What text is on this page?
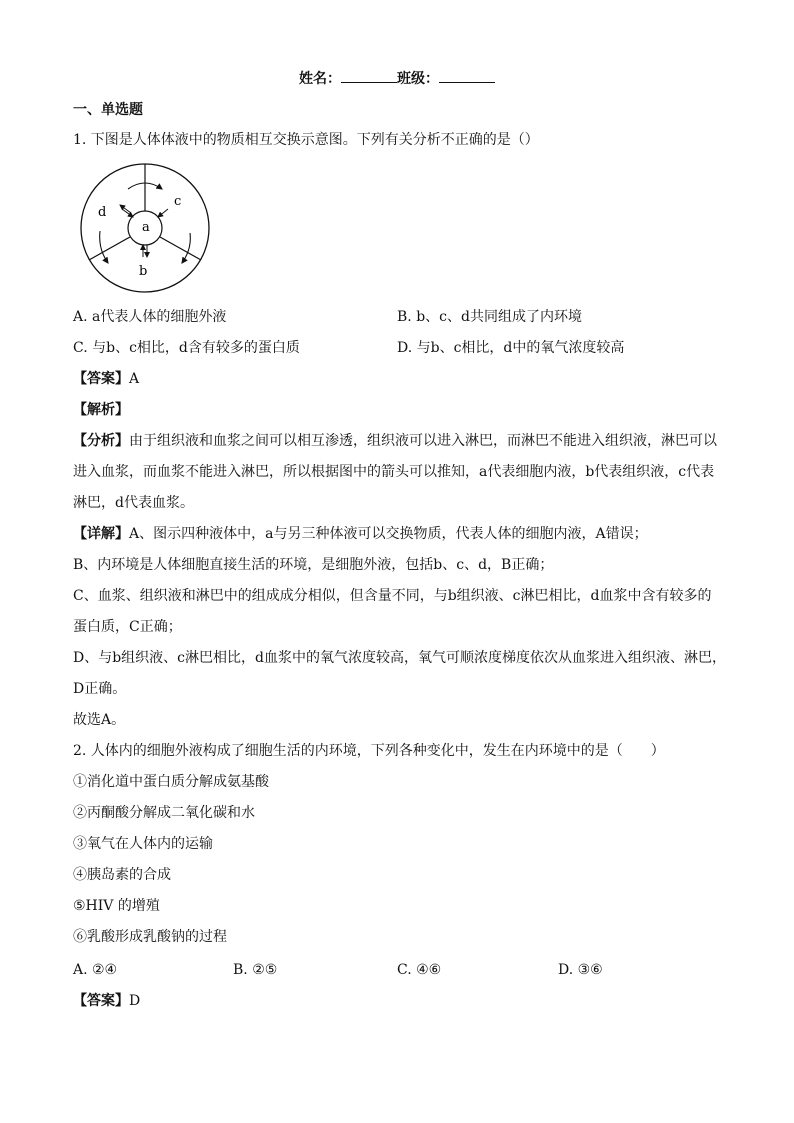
姓名：	班级：
一、单选题
1. 下图是人体体液中的物质相互交换示意图。下列有关分析不正确的是（）
a
b
c
d
A. a代表人体的细胞外液	B. b、c、d共同组成了内环境
C. 与b、c相比，d含有较多的蛋白质	D. 与b、c相比，d中的氧气浓度较高
【答案】A
【解析】
【分析】由于组织液和血浆之间可以相互渗透，组织液可以进入淋巴，而淋巴不能进入组织液，淋巴可以
进入血浆，而血浆不能进入淋巴，所以根据图中的箭头可以推知，a代表细胞内液，b代表组织液，c代表
淋巴，d代表血浆。
【详解】A、图示四种液体中，a与另三种体液可以交换物质，代表人体的细胞内液，A错误；
B、内环境是人体细胞直接生活的环境，是细胞外液，包括b、c、d，B正确；
C、血浆、组织液和淋巴中的组成成分相似，但含量不同，与b组织液、c淋巴相比，d血浆中含有较多的
蛋白质，C正确；
D、与b组织液、c淋巴相比，d血浆中的氧气浓度较高，氧气可顺浓度梯度依次从血浆进入组织液、淋巴，
D正确。
故选A。
2. 人体内的细胞外液构成了细胞生活的内环境，下列各种变化中，发生在内环境中的是（　　）
①消化道中蛋白质分解成氨基酸
②丙酮酸分解成二氧化碳和水
③氧气在人体内的运输
④胰岛素的合成
⑤HIV 的增殖
⑥乳酸形成乳酸钠的过程
A. ②④	B. ②⑤	C. ④⑥	D. ③⑥
【答案】D
